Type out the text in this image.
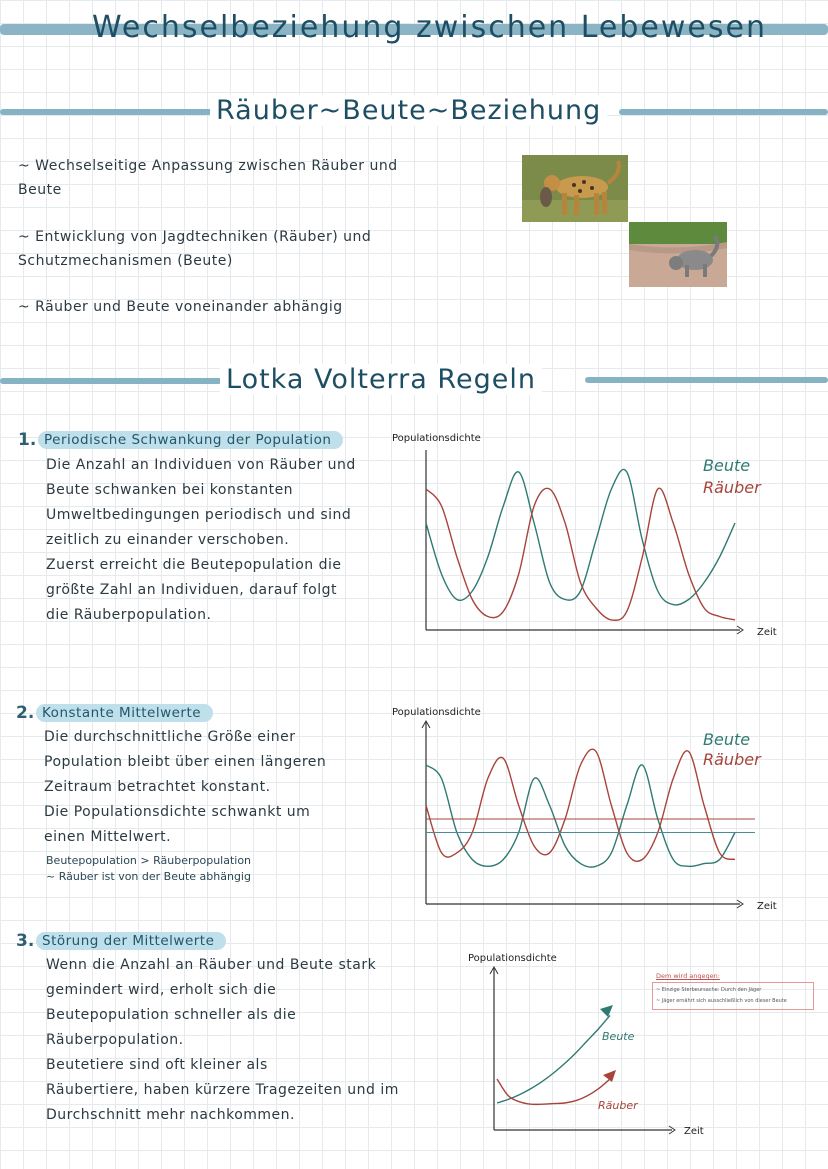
Wechselbeziehung zwischen Lebewesen
Räuber~Beute~Beziehung
~ Wechselseitige Anpassung zwischen Räuber und
Beute
~ Entwicklung von Jagdtechniken (Räuber) und
Schutzmechanismen (Beute)
~ Räuber und Beute voneinander abhängig
Lotka Volterra Regeln
1. Periodische Schwankung der Population
Die Anzahl an Individuen von Räuber und
Beute schwanken bei konstanten
Umweltbedingungen periodisch und sind
zeitlich zu einander verschoben.
Zuerst erreicht die Beutepopulation die
größte Zahl an Individuen, darauf folgt
die Räuberpopulation.
Populationsdichte
Zeit
Beute
Räuber
2. Konstante Mittelwerte
Die durchschnittliche Größe einer
Population bleibt über einen längeren
Zeitraum betrachtet konstant.
Die Populationsdichte schwankt um
einen Mittelwert.
Beutepopulation > Räuberpopulation
~ Räuber ist von der Beute abhängig
Populationsdichte
Zeit
Beute
Räuber
3. Störung der Mittelwerte
Wenn die Anzahl an Räuber und Beute stark
gemindert wird, erholt sich die
Beutepopulation schneller als die
Räuberpopulation.
Beutetiere sind oft kleiner als
Räubertiere, haben kürzere Tragezeiten und im
Durchschnitt mehr nachkommen.
Populationsdichte
Zeit
Beute
Räuber
Dem wird angegen:
~ Einzige Sterbeursache: Durch den Jäger
~ Jäger ernährt sich ausschließlich von dieser Beute
